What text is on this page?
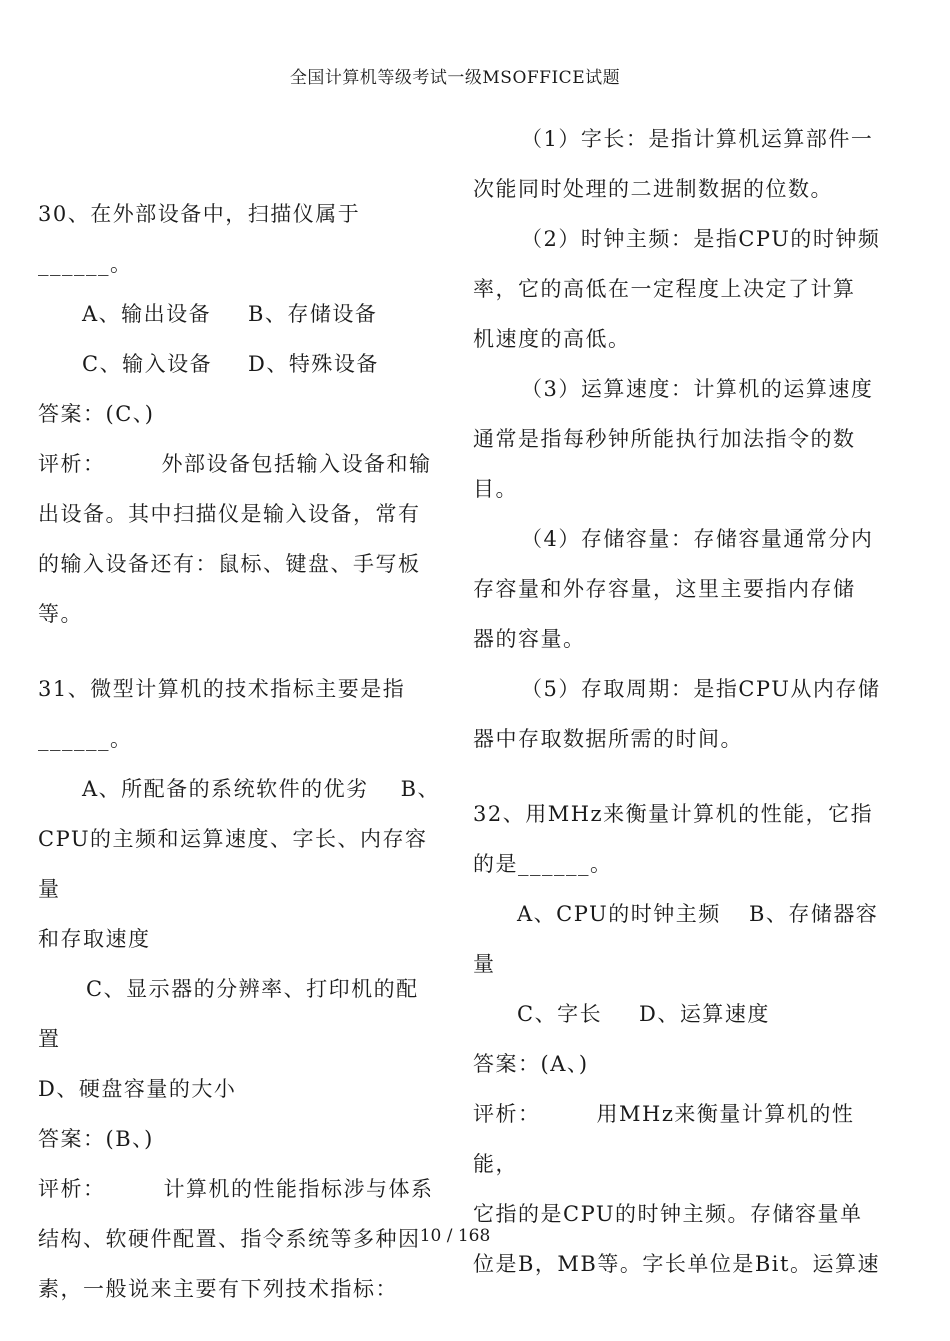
全国计算机等级考试一级MSOFFICE试题

30、在外部设备中，扫描仪属于______。

A、输出设备	B、存储设备
C、输入设备	D、特殊设备

答案：(C、)

评析：	外部设备包括输入设备和输

出设备。其中扫描仪是输入设备，常有

的输入设备还有：鼠标、键盘、手写板

等。

31、微型计算机的技术指标主要是指

______。

A、所配备的系统软件的优劣 B、

CPU的主频和运算速度、字长、内存容量

和存取速度

C、显示器的分辨率、打印机的配置

D、硬盘容量的大小

答案：(B、)

评析：	计算机的性能指标涉与体系

结构、软硬件配置、指令系统等多种因

素，一般说来主要有下列技术指标：

（1）字长：是指计算机运算部件一

次能同时处理的二进制数据的位数。

（2）时钟主频：是指CPU的时钟频

率，它的高低在一定程度上决定了计算

机速度的高低。

（3）运算速度：计算机的运算速度

通常是指每秒钟所能执行加法指令的数

目。

（4）存储容量：存储容量通常分内

存容量和外存容量，这里主要指内存储

器的容量。

（5）存取周期：是指CPU从内存储

器中存取数据所需的时间。

32、用MHz来衡量计算机的性能，它指

的是______。

A、CPU的时钟主频	B、存储器容

量

C、字长	D、运算速度

答案：(A、)

评析：	用MHz来衡量计算机的性能，

它指的是CPU的时钟主频。存储容量单

位是B，MB等。字长单位是Bit。运算速

10 / 168
